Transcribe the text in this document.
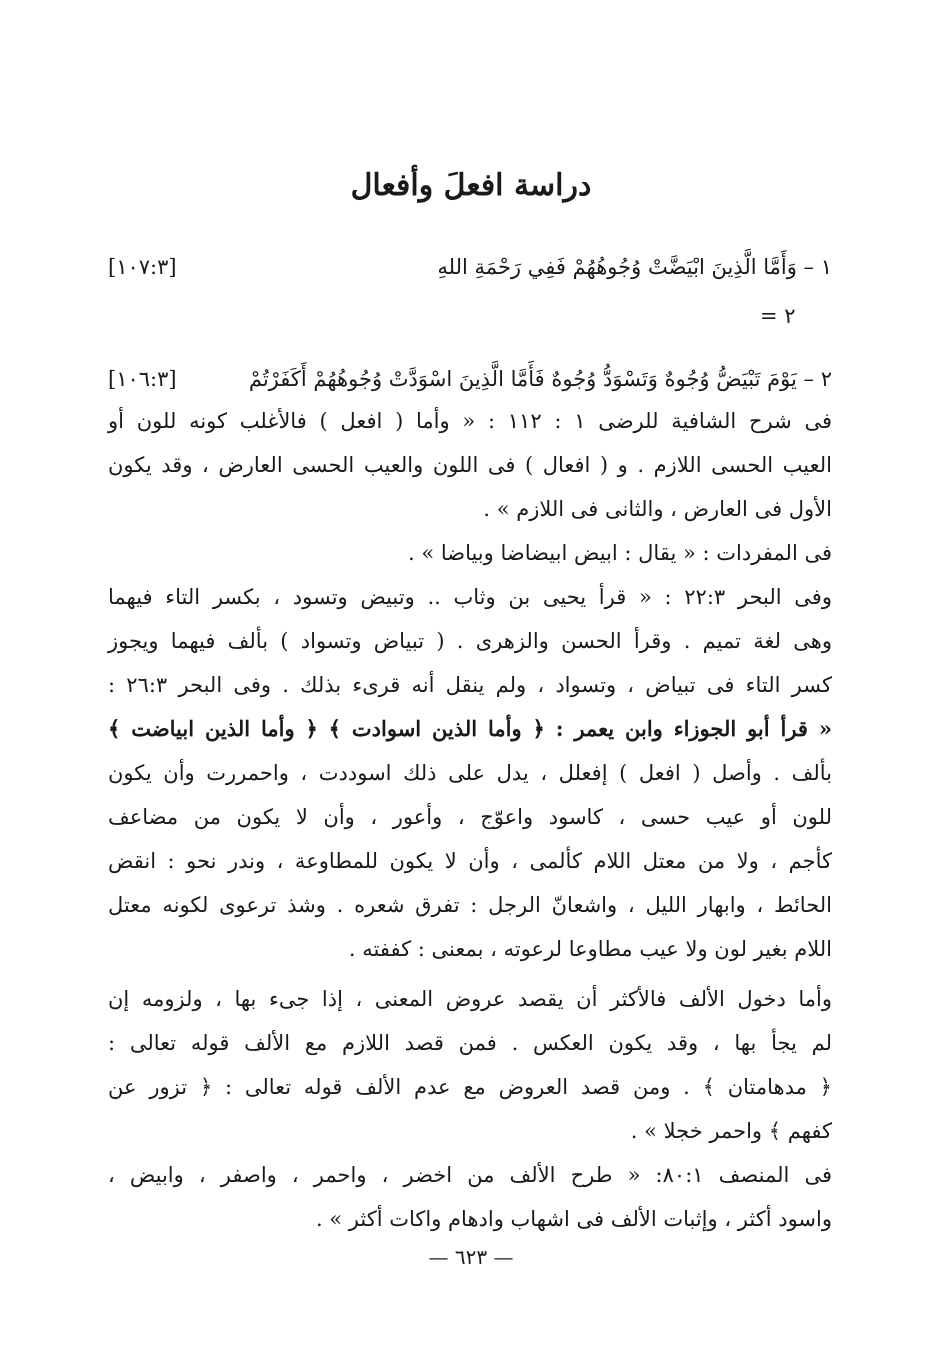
دراسة افعلَ وأفعال
١ – وَأَمَّا الَّذِينَ ابْيَضَّتْ وُجُوهُهُمْ فَفِي رَحْمَةِ اللهِ
[١٠٧:٣]
٢ =
٢ – يَوْمَ تَبْيَضُّ وُجُوهٌ وَتَسْوَدُّ وُجُوهٌ فَأَمَّا الَّذِينَ اسْوَدَّتْ وُجُوهُهُمْ أَكَفَرْتُمْ
[١٠٦:٣]
فى شرح الشافية للرضى ١ : ١١٢ : « وأما ( افعل ) فالأغلب كونه للون أو
العيب الحسى اللازم . و ( افعال ) فى اللون والعيب الحسى العارض ، وقد يكون
الأول فى العارض ، والثانى فى اللازم » .
فى المفردات : « يقال : ابيض ابيضاضا وبياضا » .
وفى البحر ٢٢:٣ : « قرأ يحيى بن وثاب .. وتبيض وتسود ، بكسر التاء فيهما
وهى لغة تميم . وقرأ الحسن والزهرى . ( تبياض وتسواد ) بألف فيهما ويجوز
كسر التاء فى تبياض ، وتسواد ، ولم ينقل أنه قرىء بذلك . وفى البحر ٢٦:٣ :
« قرأ أبو الجوزاء وابن يعمر : ﴿ وأما الذين اسوادت ﴾ ﴿ وأما الذين ابياضت ﴾
بألف . وأصل ( افعل ) إفعلل ، يدل على ذلك اسوددت ، واحمررت وأن يكون
للون أو عيب حسى ، كاسود واعوّج ، وأعور ، وأن لا يكون من مضاعف
كأجم ، ولا من معتل اللام كألمى ، وأن لا يكون للمطاوعة ، وندر نحو : انقض
الحائط ، وابهار الليل ، واشعانّ الرجل : تفرق شعره . وشذ ترعوى لكونه معتل
اللام بغير لون ولا عيب مطاوعا لرعوته ، بمعنى : كففته .
وأما دخول الألف فالأكثر أن يقصد عروض المعنى ، إذا جىء بها ، ولزومه إن
لم يجأ بها ، وقد يكون العكس . فمن قصد اللازم مع الألف قوله تعالى :
﴿ مدهامتان ﴾ . ومن قصد العروض مع عدم الألف قوله تعالى : ﴿ تزور عن
كفهم ﴾ واحمر خجلا » .
فى المنصف ٨٠:١: « طرح الألف من اخضر ، واحمر ، واصفر ، وابيض ،
واسود أكثر ، وإثبات الألف فى اشهاب وادهام واكات أكثر » .
— ٦٢٣ —
